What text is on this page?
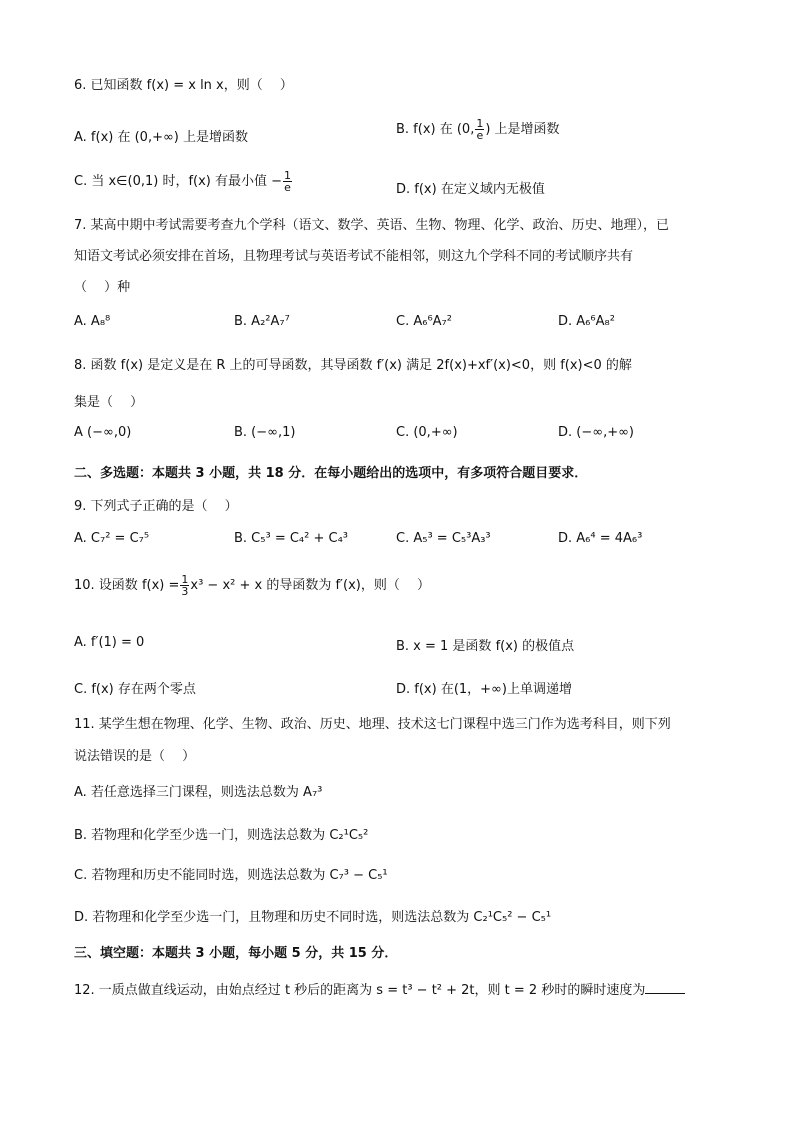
6. 已知函数 f(x) = x ln x，则（　 ）
A. f(x) 在 (0,+∞) 上是增函数
B. f(x) 在 (0, $\frac{1}{e}$ ) 上是增函数
C. 当 x∈(0,1) 时，f(x) 有最小值 − $\frac{1}{e}$	D. f(x) 在定义域内无极值
7. 某高中期中考试需要考查九个学科（语文、数学、英语、生物、物理、化学、政治、历史、地理），已
知语文考试必须安排在首场，且物理考试与英语考试不能相邻，则这九个学科不同的考试顺序共有
（　 ）种
A. A₈⁸	B. A₂²A₇⁷	C. A₆⁶A₇²	D. A₆⁶A₈²
8. 函数 f(x) 是定义是在 R 上的可导函数，其导函数 f′(x) 满足 2f(x)+xf′(x)<0，则 f(x)<0 的解
集是（　 ）
A (−∞,0)	B. (−∞,1)	C. (0,+∞)	D. (−∞,+∞)
二、多选题：本题共 3 小题，共 18 分．在每小题给出的选项中，有多项符合题目要求．
9. 下列式子正确的是（　 ）
A. C₇² = C₇⁵	B. C₅³ = C₄² + C₄³	C. A₅³ = C₅³A₃³	D. A₆⁴ = 4A₆³
10. 设函数 $f(x) = \frac{1}{3} x^3 - x^2 + x$ 的导函数为 f′(x)，则（　 ）
A. f′(1) = 0	B. x = 1 是函数 f(x) 的极值点
C. f(x) 存在两个零点	D. f(x) 在(1，+∞)上单调递增
11. 某学生想在物理、化学、生物、政治、历史、地理、技术这七门课程中选三门作为选考科目，则下列
说法错误的是（　 ）
A. 若任意选择三门课程，则选法总数为 A₇³
B. 若物理和化学至少选一门，则选法总数为 C₂¹C₅²
C. 若物理和历史不能同时选，则选法总数为 C₇³ − C₅¹
D. 若物理和化学至少选一门，且物理和历史不同时选，则选法总数为 C₂¹C₅² − C₅¹
三、填空题：本题共 3 小题，每小题 5 分，共 15 分．
12. 一质点做直线运动，由始点经过 t 秒后的距离为 s = t³ − t² + 2t，则 t = 2 秒时的瞬时速度为
